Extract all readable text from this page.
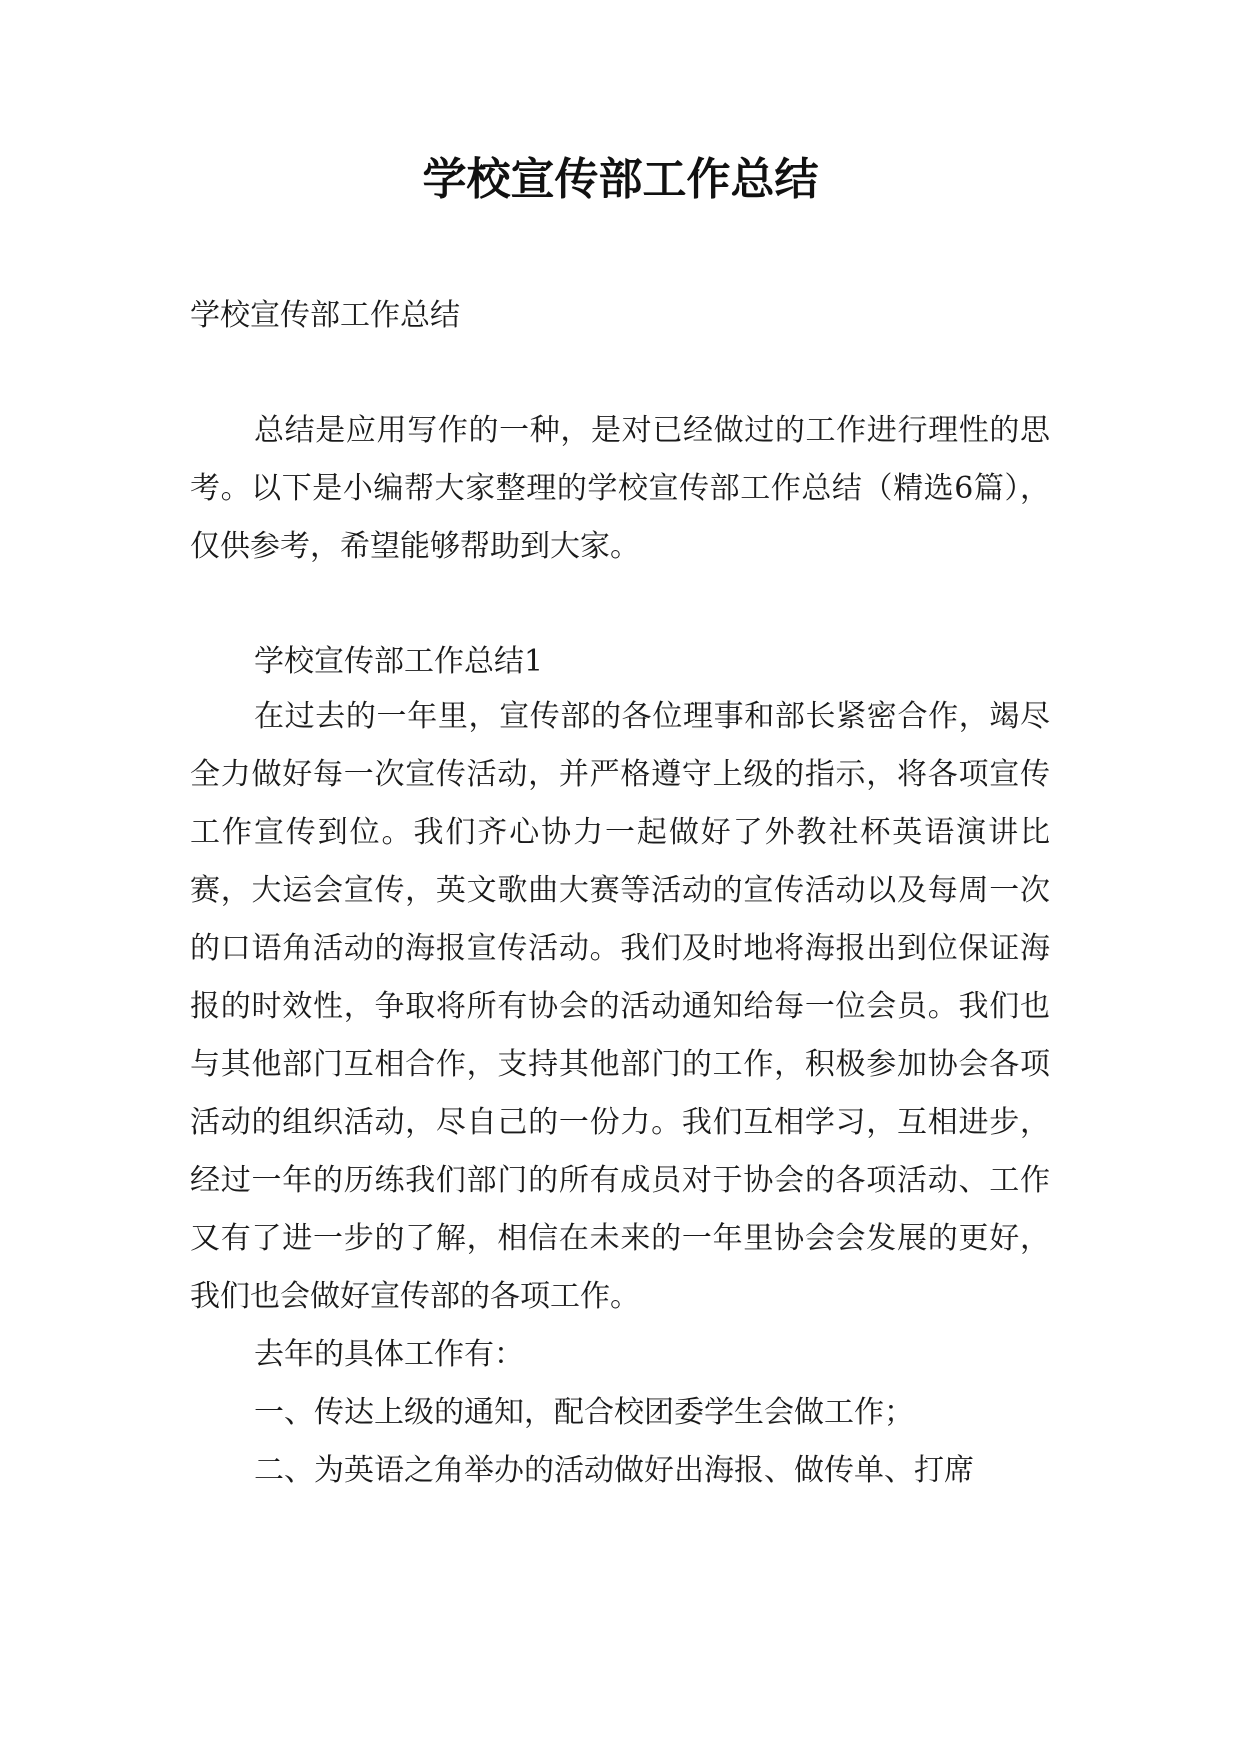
学校宣传部工作总结
学校宣传部工作总结

总结是应用写作的一种，是对已经做过的工作进行理性的思考。以下是小编帮大家整理的学校宣传部工作总结（精选6篇），仅供参考，希望能够帮助到大家。

学校宣传部工作总结1

在过去的一年里，宣传部的各位理事和部长紧密合作，竭尽全力做好每一次宣传活动，并严格遵守上级的指示，将各项宣传工作宣传到位。我们齐心协力一起做好了外教社杯英语演讲比赛，大运会宣传，英文歌曲大赛等活动的宣传活动以及每周一次的口语角活动的海报宣传活动。我们及时地将海报出到位保证海报的时效性，争取将所有协会的活动通知给每一位会员。我们也与其他部门互相合作，支持其他部门的工作，积极参加协会各项活动的组织活动，尽自己的一份力。我们互相学习，互相进步，经过一年的历练我们部门的所有成员对于协会的各项活动、工作又有了进一步的了解，相信在未来的一年里协会会发展的更好，我们也会做好宣传部的各项工作。

去年的具体工作有：

一、传达上级的通知，配合校团委学生会做工作；

二、为英语之角举办的活动做好出海报、做传单、打席
